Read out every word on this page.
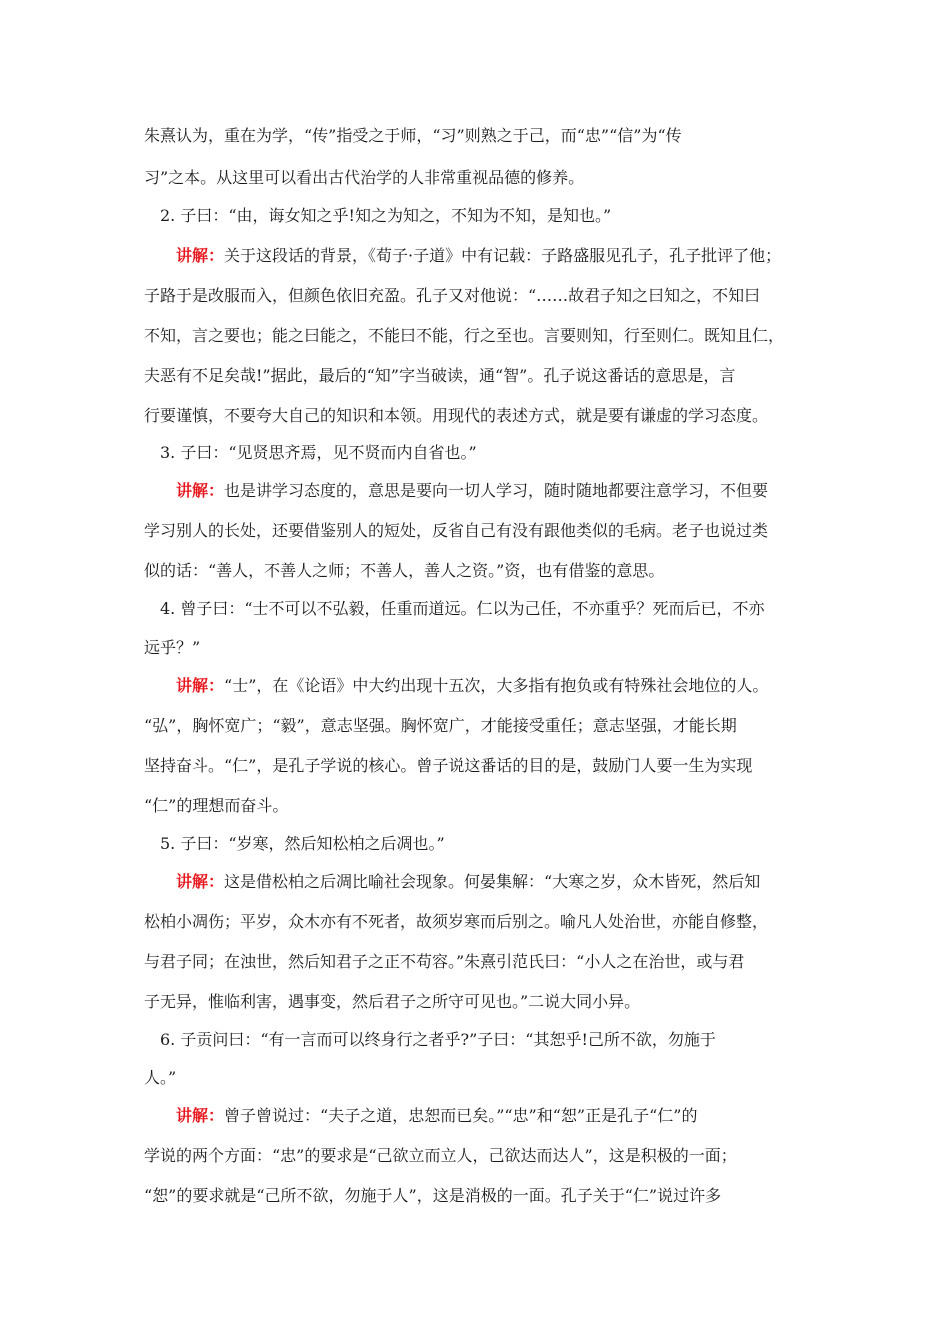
朱熹认为，重在为学，“传”指受之于师，“习”则熟之于己，而“忠”“信”为“传
习”之本。从这里可以看出古代治学的人非常重视品德的修养。
2. 子曰：“由，诲女知之乎!知之为知之，不知为不知，是知也。”
讲解：关于这段话的背景，《荀子·子道》中有记载：子路盛服见孔子，孔子批评了他；
子路于是改服而入，但颜色依旧充盈。孔子又对他说：“……故君子知之曰知之，不知曰
不知，言之要也；能之曰能之，不能曰不能，行之至也。言要则知，行至则仁。既知且仁，
夫恶有不足矣哉!”据此，最后的“知”字当破读，通“智”。孔子说这番话的意思是，言
行要谨慎，不要夸大自己的知识和本领。用现代的表述方式，就是要有谦虚的学习态度。
3. 子曰：“见贤思齐焉，见不贤而内自省也。”
讲解：也是讲学习态度的，意思是要向一切人学习，随时随地都要注意学习，不但要
学习别人的长处，还要借鉴别人的短处，反省自己有没有跟他类似的毛病。老子也说过类
似的话：“善人，不善人之师；不善人，善人之资。”资，也有借鉴的意思。
4. 曾子曰：“士不可以不弘毅，任重而道远。仁以为己任，不亦重乎？死而后已，不亦
远乎？”
讲解：“士”，在《论语》中大约出现十五次，大多指有抱负或有特殊社会地位的人。
“弘”，胸怀宽广；“毅”，意志坚强。胸怀宽广，才能接受重任；意志坚强，才能长期
坚持奋斗。“仁”，是孔子学说的核心。曾子说这番话的目的是，鼓励门人要一生为实现
“仁”的理想而奋斗。
5. 子曰：“岁寒，然后知松柏之后凋也。”
讲解：这是借松柏之后凋比喻社会现象。何晏集解：“大寒之岁，众木皆死，然后知
松柏小凋伤；平岁，众木亦有不死者，故须岁寒而后别之。喻凡人处治世，亦能自修整，
与君子同；在浊世，然后知君子之正不苟容。”朱熹引范氏曰：“小人之在治世，或与君
子无异，惟临利害，遇事变，然后君子之所守可见也。”二说大同小异。
6. 子贡问曰：“有一言而可以终身行之者乎?”子曰：“其恕乎!己所不欲，勿施于
人。”
讲解：曾子曾说过：“夫子之道，忠恕而已矣。”“忠”和“恕”正是孔子“仁”的
学说的两个方面：“忠”的要求是“己欲立而立人，己欲达而达人”，这是积极的一面；
“恕”的要求就是“己所不欲，勿施于人”，这是消极的一面。孔子关于“仁”说过许多
